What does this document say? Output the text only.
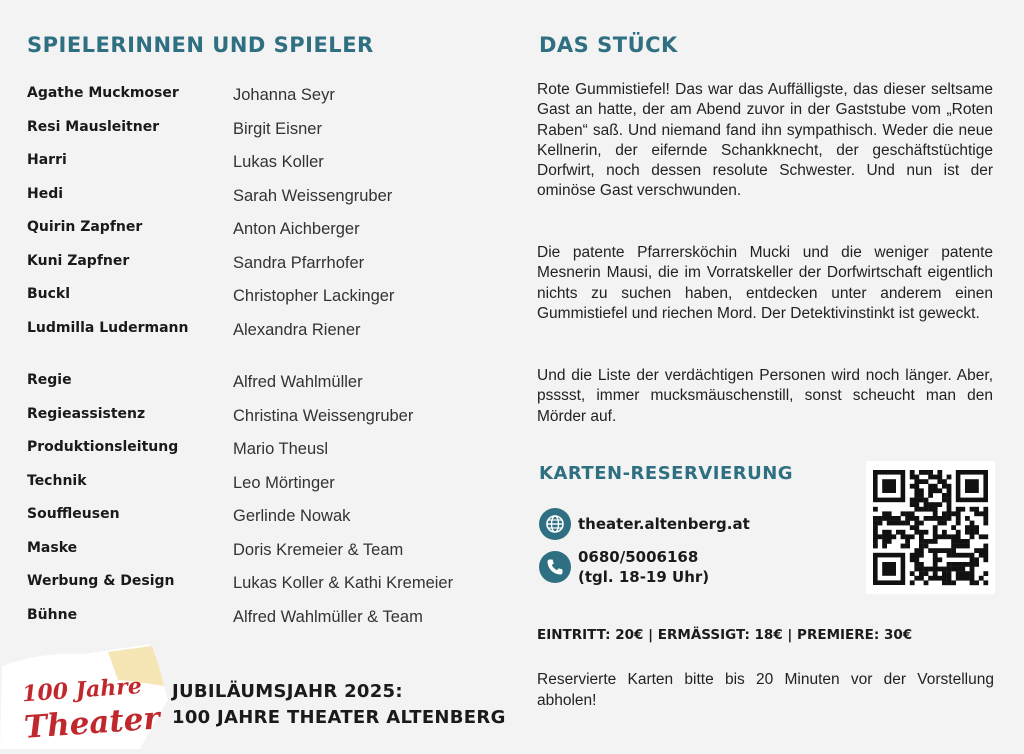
SPIELERINNEN UND SPIELER
Agathe Muckmoser	Johanna Seyr
Resi Mausleitner	Birgit Eisner
Harri	Lukas Koller
Hedi	Sarah Weissengruber
Quirin Zapfner	Anton Aichberger
Kuni Zapfner	Sandra Pfarrhofer
Buckl	Christopher Lackinger
Ludmilla Ludermann	Alexandra Riener
Regie	Alfred Wahlmüller
Regieassistenz	Christina Weissengruber
Produktionsleitung	Mario Theusl
Technik	Leo Mörtinger
Souffleusen	Gerlinde Nowak
Maske	Doris Kremeier & Team
Werbung & Design	Lukas Koller & Kathi Kremeier
Bühne	Alfred Wahlmüller & Team
DAS STÜCK

Rote Gummistiefel! Das war das Auffälligste, das dieser seltsame Gast an hatte, der am Abend zuvor in der Gaststube vom „Roten Raben“ saß. Und niemand fand ihn sympathisch. Weder die neue Kellnerin, der eifernde Schankknecht, der geschäftstüchtige Dorfwirt, noch dessen resolute Schwester. Und nun ist der ominöse Gast verschwunden.

Die patente Pfarrersköchin Mucki und die weniger patente Mesnerin Mausi, die im Vorratskeller der Dorfwirtschaft eigentlich nichts zu suchen haben, entdecken unter anderem einen Gummistiefel und riechen Mord. Der Detektivinstinkt ist geweckt.

Und die Liste der verdächtigen Personen wird noch länger. Aber, psssst, immer mucksmäuschenstill, sonst scheucht man den Mörder auf.

KARTEN-RESERVIERUNG
theater.altenberg.at
0680/5006168
(tgl. 18-19 Uhr)
EINTRITT: 20€ | ERMÄSSIGT: 18€ | PREMIERE: 30€

Reservierte Karten bitte bis 20 Minuten vor der Vorstellung abholen!

100 Jahre
Theater
JUBILÄUMSJAHR 2025:
100 JAHRE THEATER ALTENBERG
